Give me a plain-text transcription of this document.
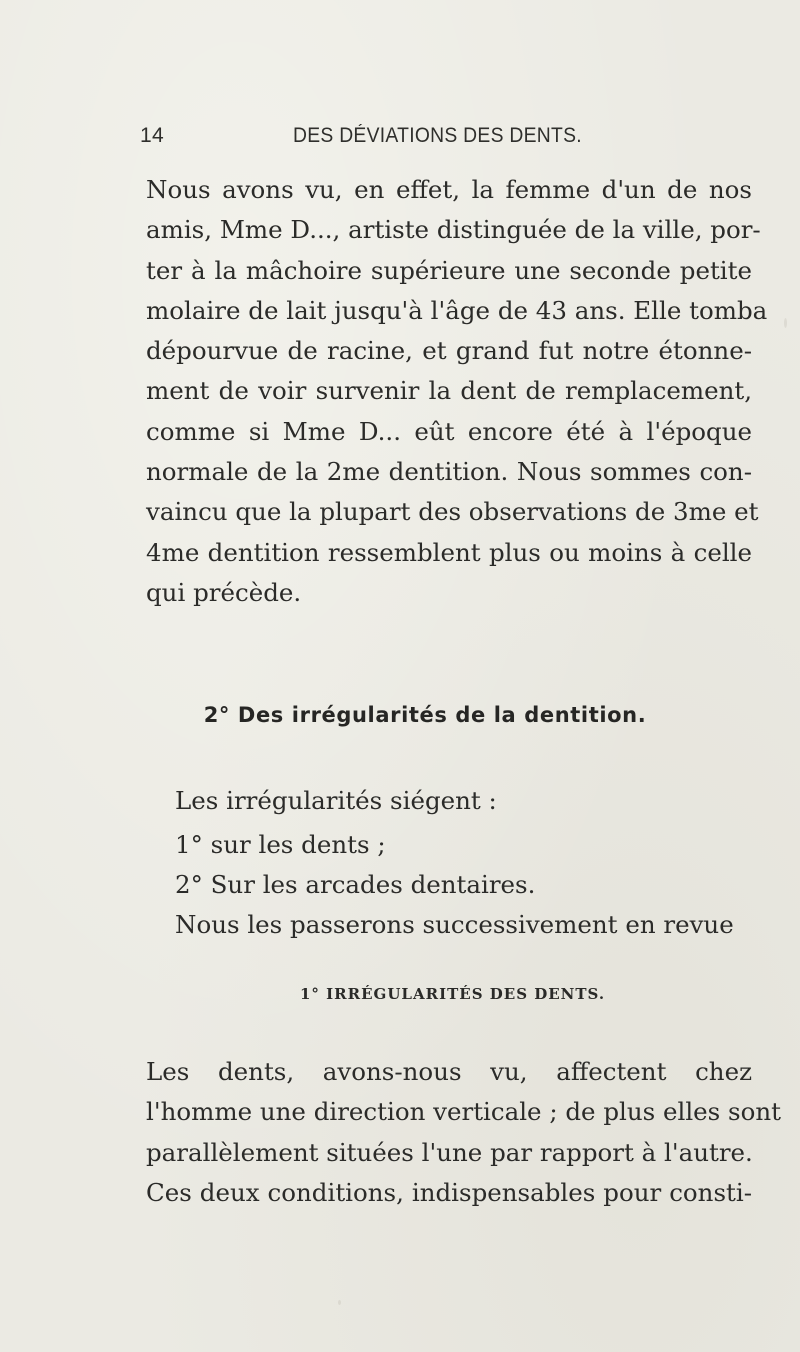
14	DES DÉVIATIONS DES DENTS.
Nous avons vu, en effet, la femme d'un de nos
amis, Mme D..., artiste distinguée de la ville, por-
ter à la mâchoire supérieure une seconde petite
molaire de lait jusqu'à l'âge de 43 ans. Elle tomba
dépourvue de racine, et grand fut notre étonne-
ment de voir survenir la dent de remplacement,
comme si Mme D... eût encore été à l'époque
normale de la 2me dentition. Nous sommes con-
vaincu que la plupart des observations de 3me et
4me dentition ressemblent plus ou moins à celle
qui précède.
2° Des irrégularités de la dentition.
Les irrégularités siégent :
1° sur les dents ;
2° Sur les arcades dentaires.
Nous les passerons successivement en revue
1° IRRÉGULARITÉS DES DENTS.
Les dents, avons-nous vu, affectent chez
l'homme une direction verticale ; de plus elles sont
parallèlement situées l'une par rapport à l'autre.
Ces deux conditions, indispensables pour consti-
